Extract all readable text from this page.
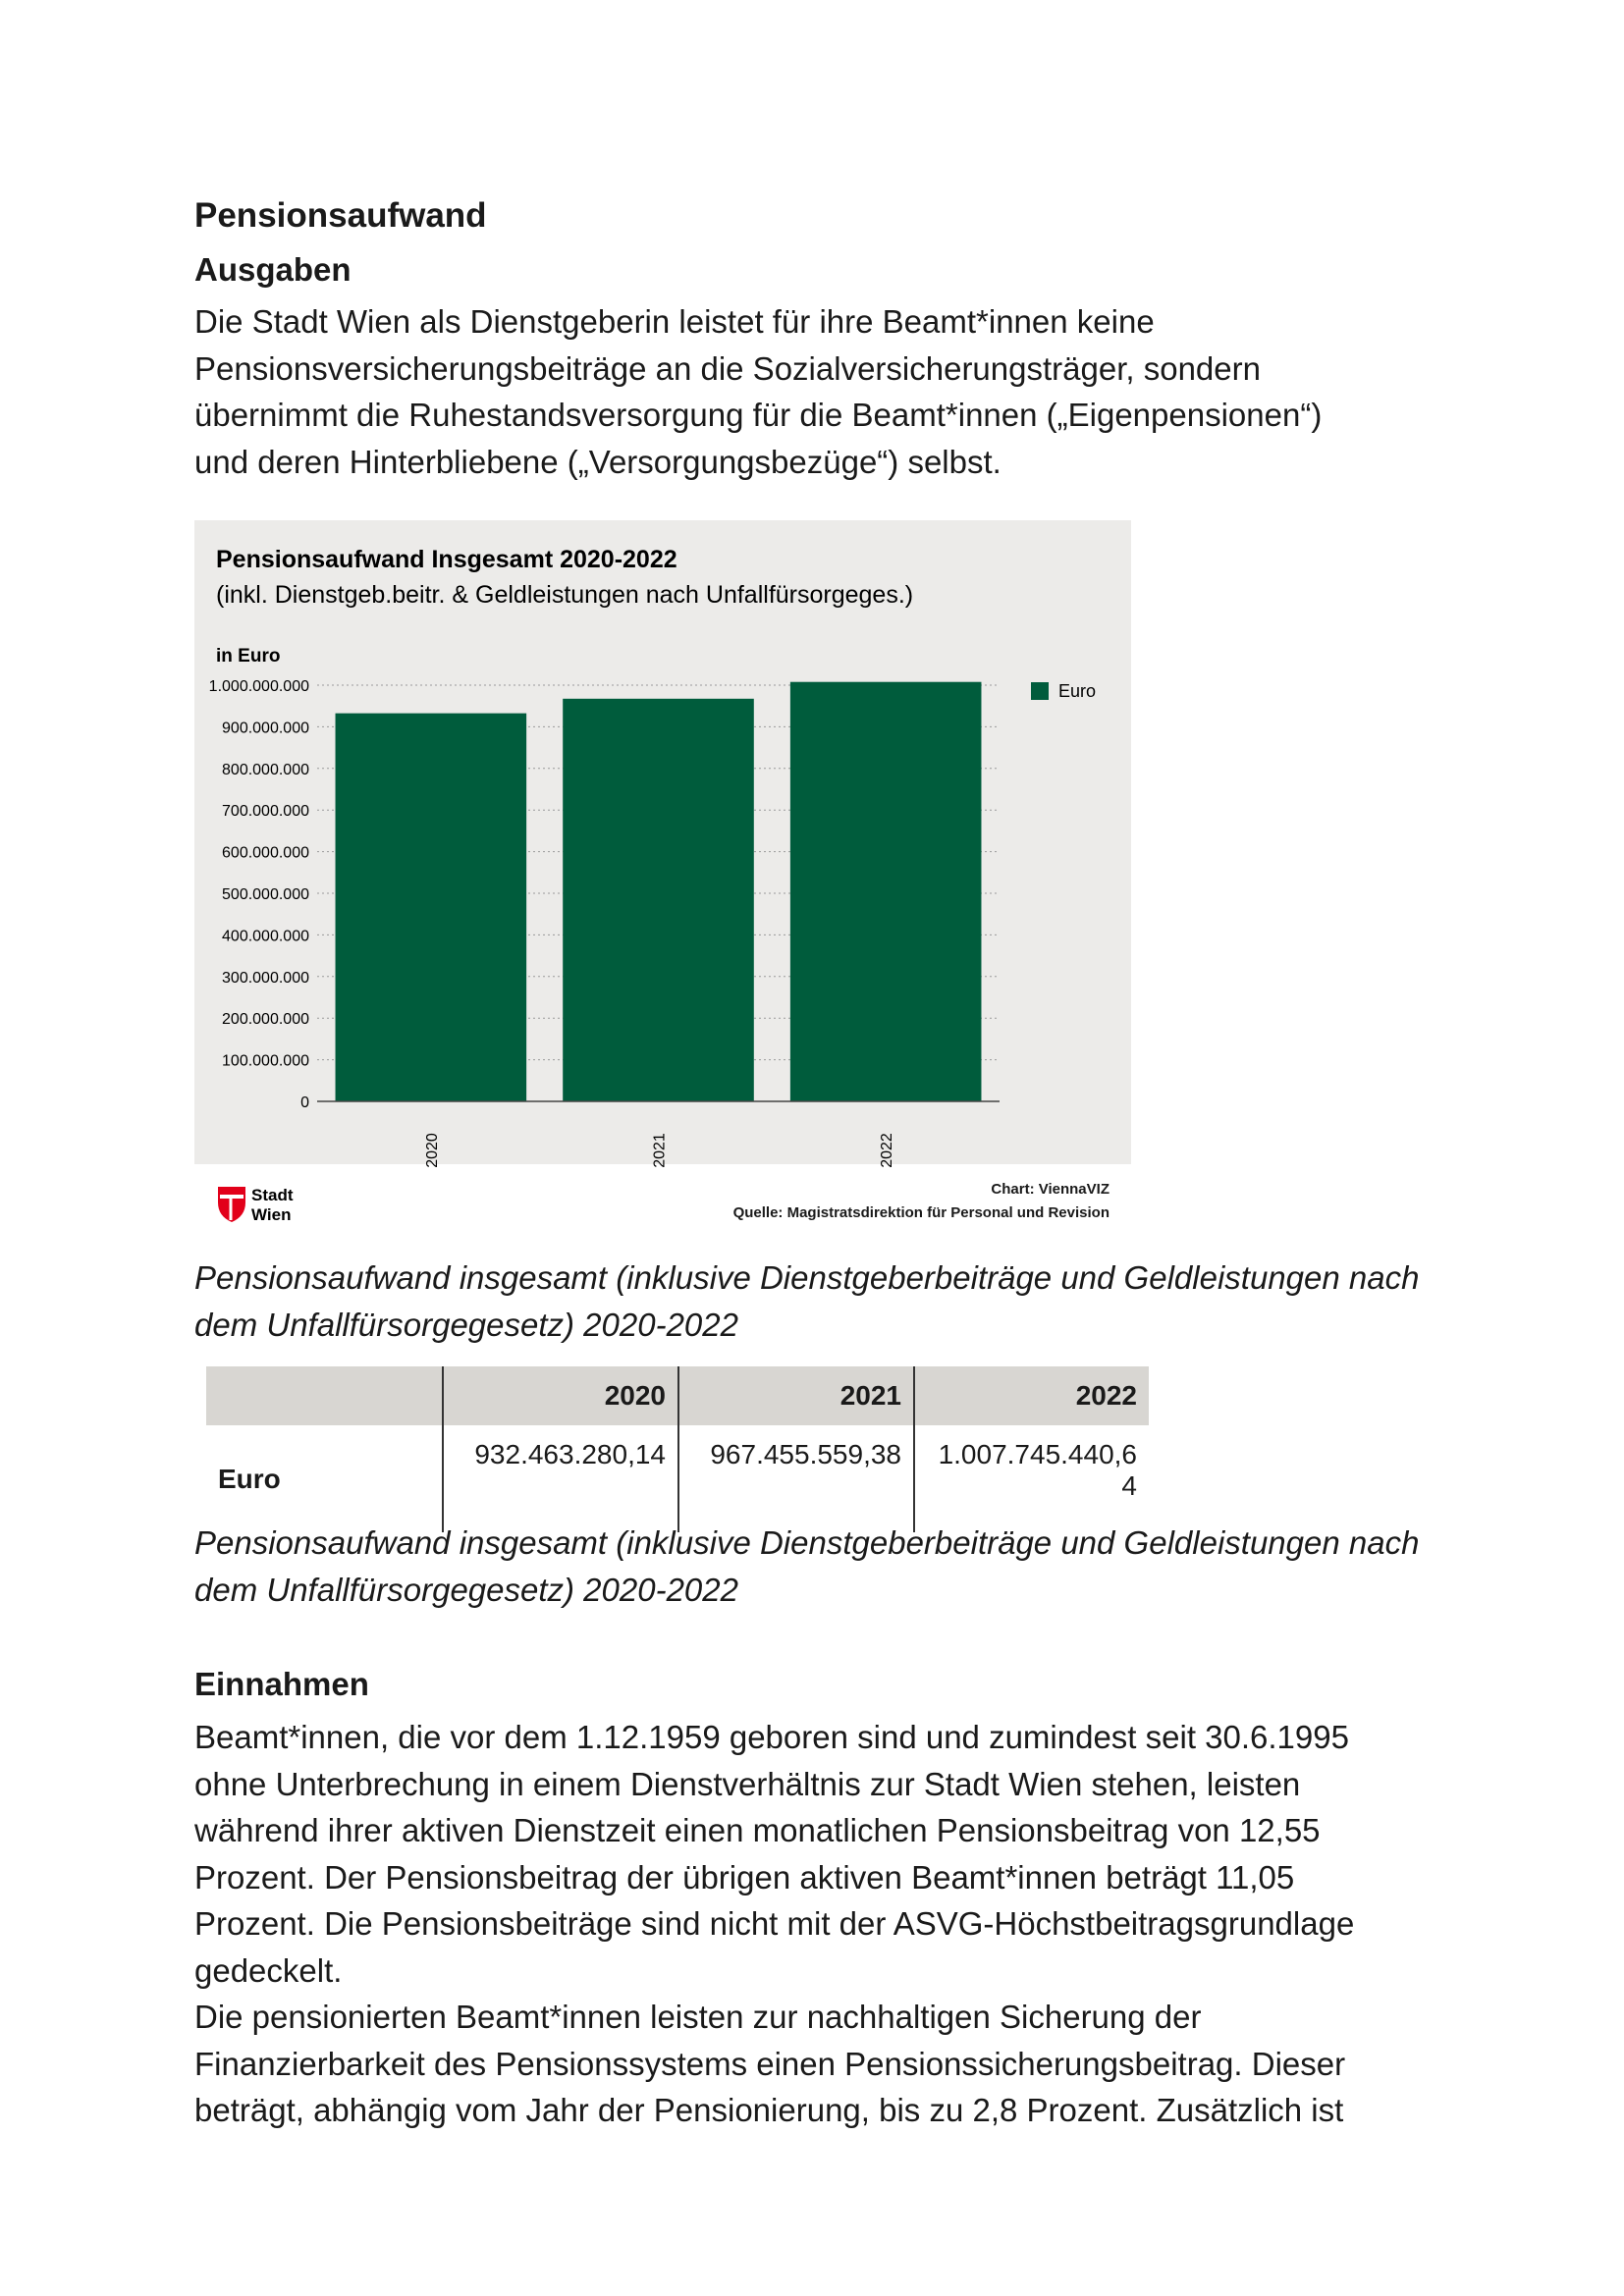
Pensionsaufwand
Ausgaben
Die Stadt Wien als Dienstgeberin leistet für ihre Beamt*innen keine
Pensionsversicherungsbeiträge an die Sozialversicherungsträger, sondern
übernimmt die Ruhestandsversorgung für die Beamt*innen („Eigenpensionen“)
und deren Hinterbliebene („Versorgungsbezüge“) selbst.
Pensionsaufwand Insgesamt 2020-2022
(inkl. Dienstgeb.beitr. & Geldleistungen nach Unfallfürsorgeges.)
in Euro
0
100.000.000
200.000.000
300.000.000
400.000.000
500.000.000
600.000.000
700.000.000
800.000.000
900.000.000
1.000.000.000
2020	2021	2022
Euro
Stadt
Wien
Chart: ViennaVIZ
Quelle: Magistratsdirektion für Personal und Revision
Pensionsaufwand insgesamt (inklusive Dienstgeberbeiträge und Geldleistungen nach
dem Unfallfürsorgegesetz) 2020-2022
	2020	2021	2022
Euro	932.463.280,14	967.455.559,38	1.007.745.440,6
4
Pensionsaufwand insgesamt (inklusive Dienstgeberbeiträge und Geldleistungen nach
dem Unfallfürsorgegesetz) 2020-2022
Einnahmen
Beamt*innen, die vor dem 1.12.1959 geboren sind und zumindest seit 30.6.1995
ohne Unterbrechung in einem Dienstverhältnis zur Stadt Wien stehen, leisten
während ihrer aktiven Dienstzeit einen monatlichen Pensionsbeitrag von 12,55
Prozent. Der Pensionsbeitrag der übrigen aktiven Beamt*innen beträgt 11,05
Prozent. Die Pensionsbeiträge sind nicht mit der ASVG-Höchstbeitragsgrundlage
gedeckelt.
Die pensionierten Beamt*innen leisten zur nachhaltigen Sicherung der
Finanzierbarkeit des Pensionssystems einen Pensionssicherungsbeitrag. Dieser
beträgt, abhängig vom Jahr der Pensionierung, bis zu 2,8 Prozent. Zusätzlich ist
